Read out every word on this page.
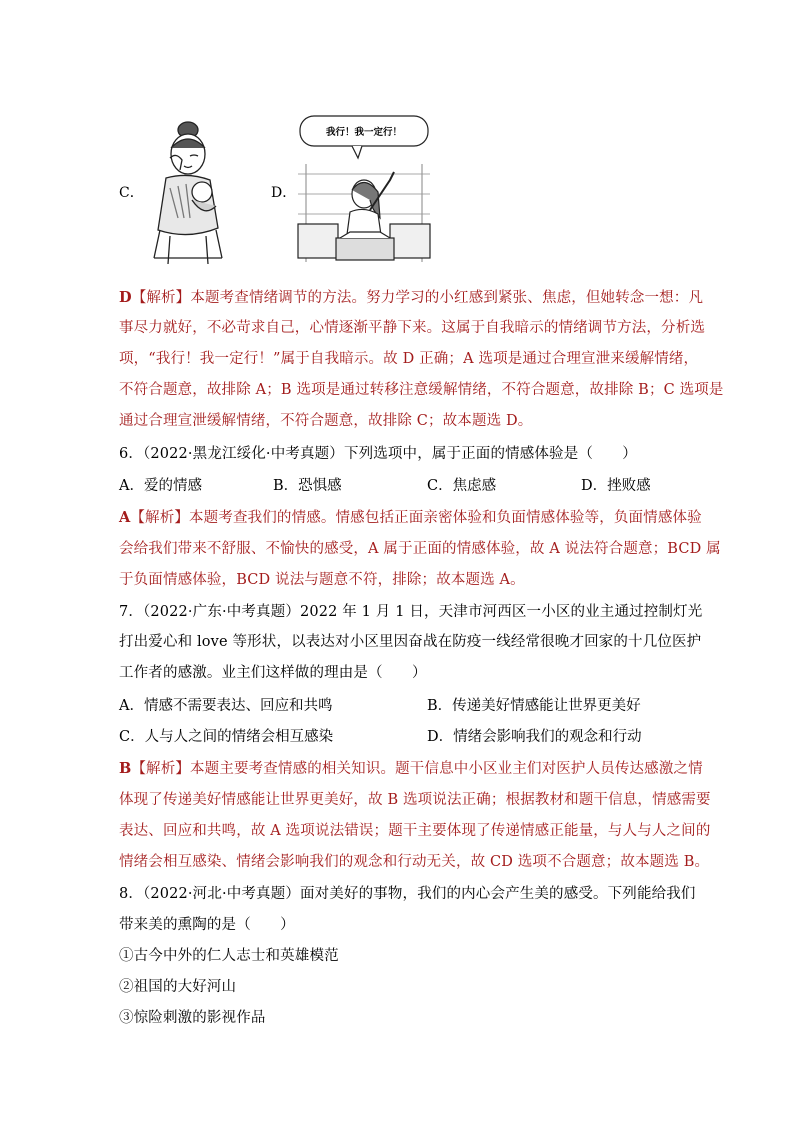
C．	D．
我行！我一定行！
D【解析】本题考查情绪调节的方法。努力学习的小红感到紧张、焦虑，但她转念一想：凡
事尽力就好，不必苛求自己，心情逐渐平静下来。这属于自我暗示的情绪调节方法，分析选
项，“我行！我一定行！”属于自我暗示。故 D 正确；A 选项是通过合理宣泄来缓解情绪，
不符合题意，故排除 A；B 选项是通过转移注意缓解情绪，不符合题意，故排除 B；C 选项是
通过合理宣泄缓解情绪，不符合题意，故排除 C；故本题选 D。
6．（2022·黑龙江绥化·中考真题）下列选项中，属于正面的情感体验是（　　）
A．爱的情感	B．恐惧感	C．焦虑感	D．挫败感
A【解析】本题考查我们的情感。情感包括正面亲密体验和负面情感体验等，负面情感体验
会给我们带来不舒服、不愉快的感受，A 属于正面的情感体验，故 A 说法符合题意；BCD 属
于负面情感体验，BCD 说法与题意不符，排除；故本题选 A。
7．（2022·广东·中考真题）2022 年 1 月 1 日，天津市河西区一小区的业主通过控制灯光
打出爱心和 love 等形状，以表达对小区里因奋战在防疫一线经常很晚才回家的十几位医护
工作者的感激。业主们这样做的理由是（　　）
A．情感不需要表达、回应和共鸣	B．传递美好情感能让世界更美好
C．人与人之间的情绪会相互感染	D．情绪会影响我们的观念和行动
B【解析】本题主要考查情感的相关知识。题干信息中小区业主们对医护人员传达感激之情
体现了传递美好情感能让世界更美好，故 B 选项说法正确；根据教材和题干信息，情感需要
表达、回应和共鸣，故 A 选项说法错误；题干主要体现了传递情感正能量，与人与人之间的
情绪会相互感染、情绪会影响我们的观念和行动无关，故 CD 选项不合题意；故本题选 B。
8．（2022·河北·中考真题）面对美好的事物，我们的内心会产生美的感受。下列能给我们
带来美的熏陶的是（　　）
①古今中外的仁人志士和英雄模范
②祖国的大好河山
③惊险刺激的影视作品
